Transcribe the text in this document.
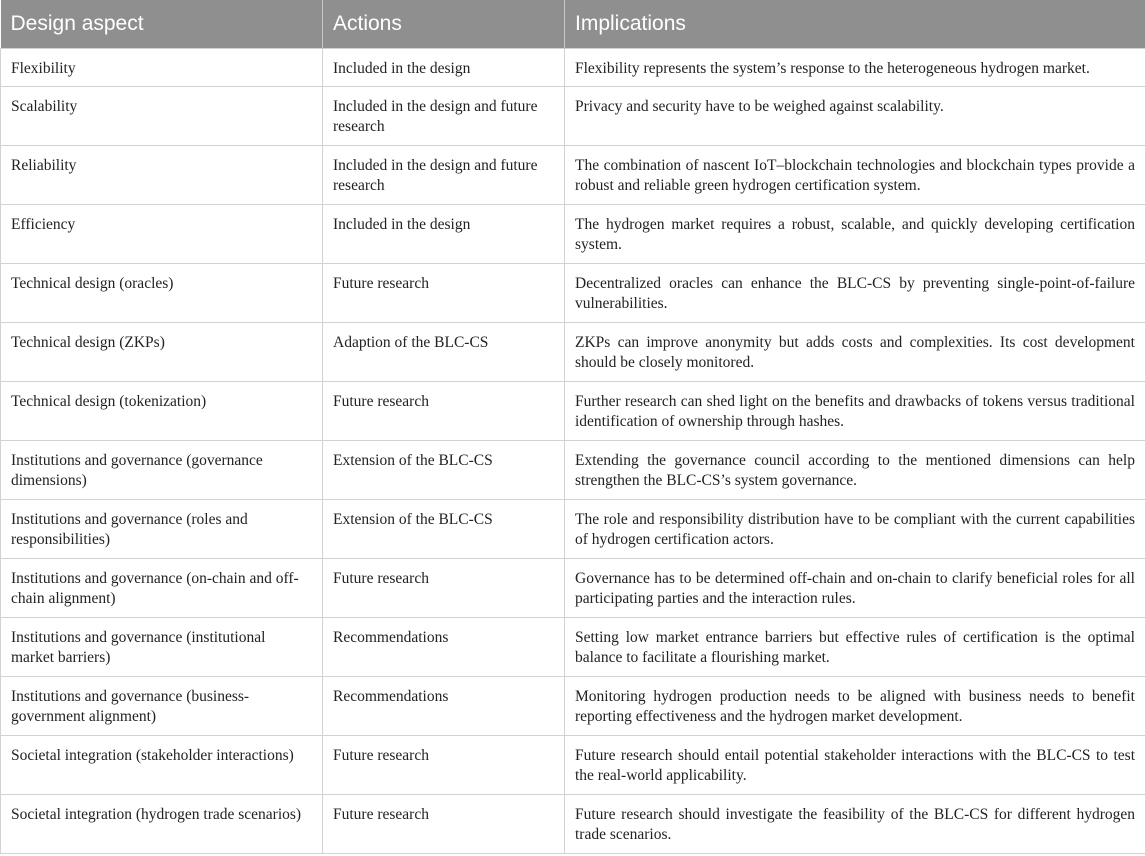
Design aspect	Actions	Implications
Flexibility	Included in the design	Flexibility represents the system’s response to the heterogeneous hydrogen market.
Scalability	Included in the design and future research	Privacy and security have to be weighed against scalability.
Reliability	Included in the design and future research	The combination of nascent IoT–blockchain technologies and blockchain types provide a robust and reliable green hydrogen certification system.
Efficiency	Included in the design	The hydrogen market requires a robust, scalable, and quickly developing certification system.
Technical design (oracles)	Future research	Decentralized oracles can enhance the BLC-CS by preventing single-point-of-failure vulnerabilities.
Technical design (ZKPs)	Adaption of the BLC-CS	ZKPs can improve anonymity but adds costs and complexities. Its cost development should be closely monitored.
Technical design (tokenization)	Future research	Further research can shed light on the benefits and drawbacks of tokens versus traditional identification of ownership through hashes.
Institutions and governance (governance dimensions)	Extension of the BLC-CS	Extending the governance council according to the mentioned dimensions can help strengthen the BLC-CS’s system governance.
Institutions and governance (roles and responsibilities)	Extension of the BLC-CS	The role and responsibility distribution have to be compliant with the current capabilities of hydrogen certification actors.
Institutions and governance (on-chain and off-chain alignment)	Future research	Governance has to be determined off-chain and on-chain to clarify beneficial roles for all participating parties and the interaction rules.
Institutions and governance (institutional market barriers)	Recommendations	Setting low market entrance barriers but effective rules of certification is the optimal balance to facilitate a flourishing market.
Institutions and governance (business-government alignment)	Recommendations	Monitoring hydrogen production needs to be aligned with business needs to benefit reporting effectiveness and the hydrogen market development.
Societal integration (stakeholder interactions)	Future research	Future research should entail potential stakeholder interactions with the BLC-CS to test the real-world applicability.
Societal integration (hydrogen trade scenarios)	Future research	Future research should investigate the feasibility of the BLC-CS for different hydrogen trade scenarios.
